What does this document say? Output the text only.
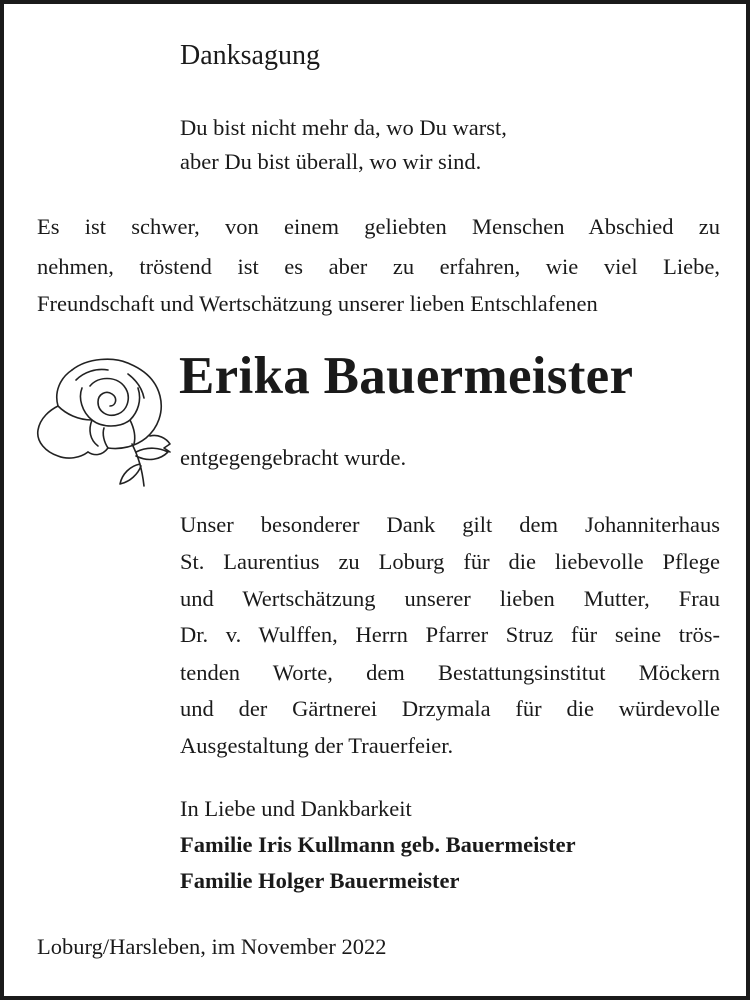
Danksagung
Du bist nicht mehr da, wo Du warst,
aber Du bist überall, wo wir sind.
Es ist schwer, von einem geliebten Menschen Abschied zu
nehmen, tröstend ist es aber zu erfahren, wie viel Liebe,
Freundschaft und Wertschätzung unserer lieben Entschlafenen
Erika Bauermeister
entgegengebracht wurde.
Unser besonderer Dank gilt dem Johanniterhaus
St. Laurentius zu Loburg für die liebevolle Pflege
und Wertschätzung unserer lieben Mutter, Frau
Dr. v. Wulffen, Herrn Pfarrer Struz für seine trös-
tenden Worte, dem Bestattungsinstitut Möckern
und der Gärtnerei Drzymala für die würdevolle
Ausgestaltung der Trauerfeier.
In Liebe und Dankbarkeit
Familie Iris Kullmann geb. Bauermeister
Familie Holger Bauermeister
Loburg/Harsleben, im November 2022
